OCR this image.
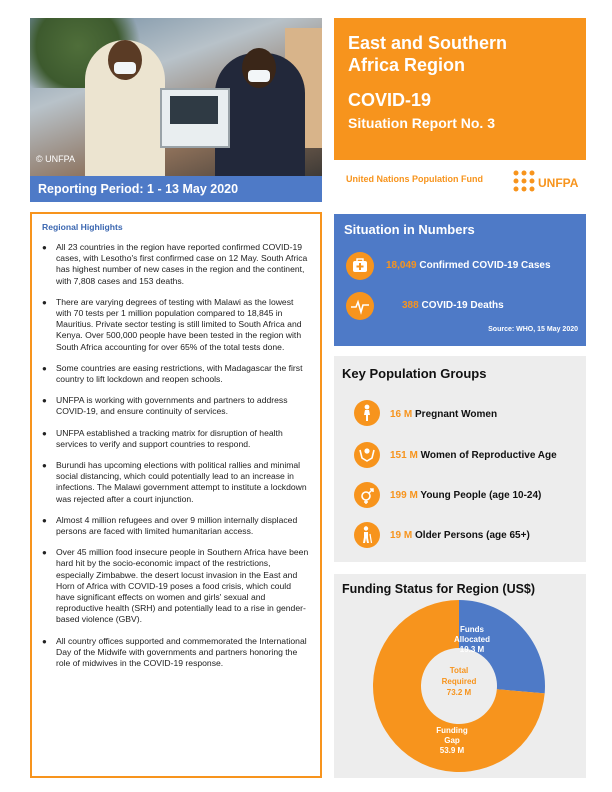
© UNFPA
Reporting Period: 1 - 13 May 2020
East and Southern
Africa Region
COVID-19
Situation Report No. 3
United Nations Population Fund	UNFPA
Regional Highlights
● All 23 countries in the region have reported confirmed COVID-19 cases, with Lesotho's first confirmed case on 12 May. South Africa has highest number of new cases in the region and the continent, with 7,808 cases and 153 deaths.
● There are varying degrees of testing with Malawi as the lowest with 70 tests per 1 million population compared to 18,845 in Mauritius. Private sector testing is still limited to South Africa and Kenya. Over 500,000 people have been tested in the region with South Africa accounting for over 65% of the total tests done.
● Some countries are easing restrictions, with Madagascar the first country to lift lockdown and reopen schools.
● UNFPA is working with governments and partners to address COVID-19, and ensure continuity of services.
● UNFPA established a tracking matrix for disruption of health services to verify and support countries to respond.
● Burundi has upcoming elections with political rallies and minimal social distancing, which could potentially lead to an increase in infections. The Malawi government attempt to institute a lockdown was rejected after a court injunction.
● Almost 4 million refugees and over 9 million internally displaced persons are faced with limited humanitarian access.
● Over 45 million food insecure people in Southern Africa have been hard hit by the socio-economic impact of the restrictions, especially Zimbabwe. the desert locust invasion in the East and Horn of Africa with COVID-19 poses a food crisis, which could have significant effects on women and girls' sexual and reproductive health (SRH) and potentially lead to a rise in gender-based violence (GBV).
● All country offices supported and commemorated the International Day of the Midwife with governments and partners honoring the role of midwives in the COVID-19 response.
Situation in Numbers
18,049 Confirmed COVID-19 Cases
388 COVID-19 Deaths
Source: WHO, 15 May 2020
Key Population Groups
16 M Pregnant Women
151 M Women of Reproductive Age
199 M Young People (age 10-24)
19 M Older Persons (age 65+)
Funding Status for Region (US$)
Funds
Allocated
19.3 M
Total
Required
73.2 M
Funding
Gap
53.9 M
